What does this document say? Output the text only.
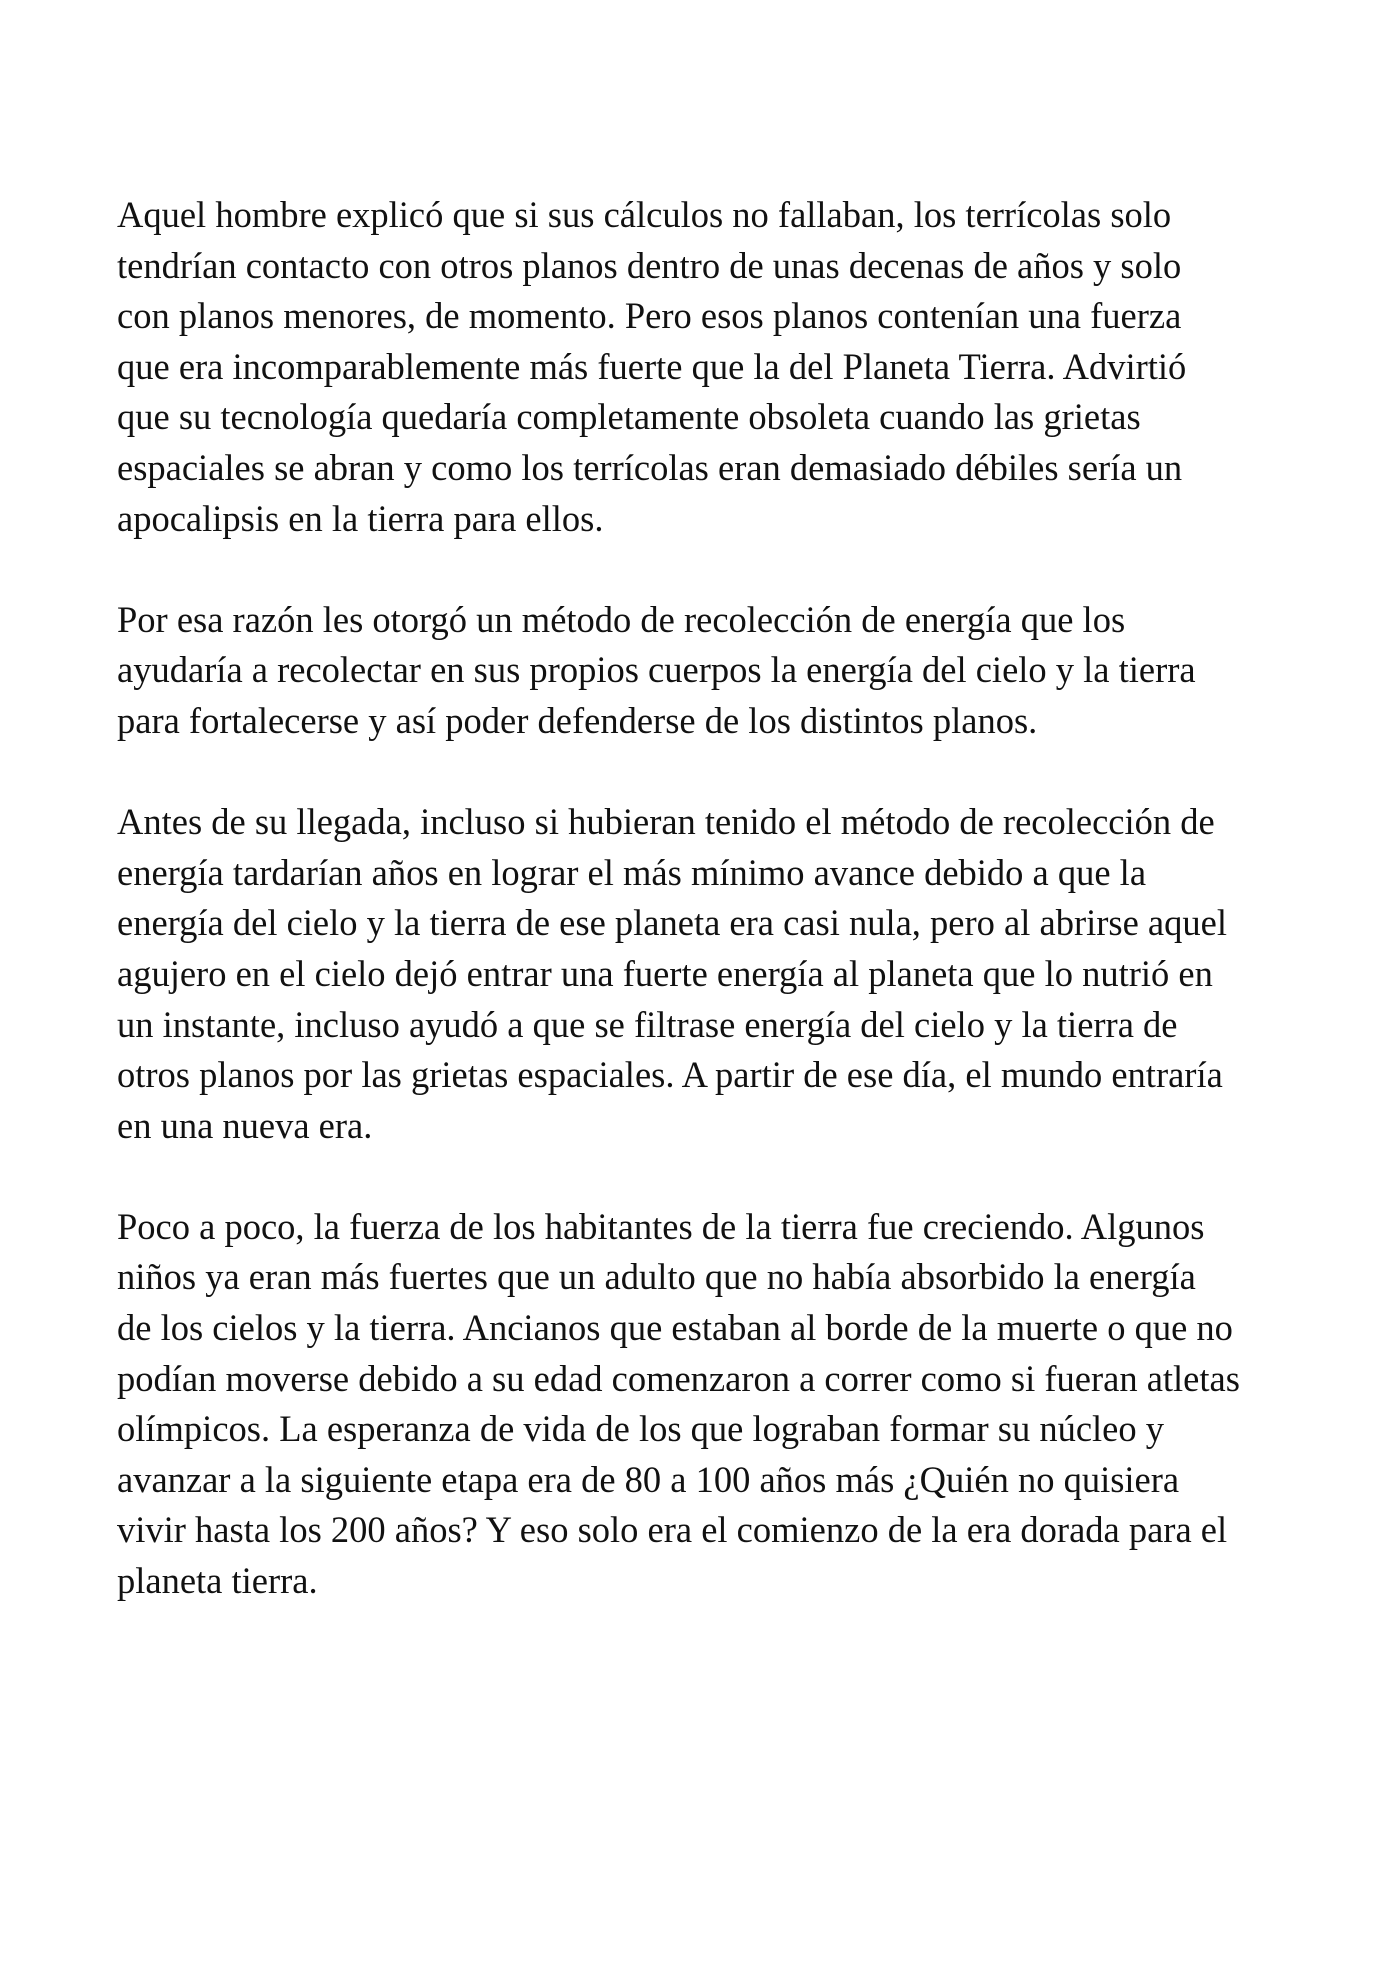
Aquel hombre explicó que si sus cálculos no fallaban, los terrícolas solo
tendrían contacto con otros planos dentro de unas decenas de años y solo
con planos menores, de momento. Pero esos planos contenían una fuerza
que era incomparablemente más fuerte que la del Planeta Tierra. Advirtió
que su tecnología quedaría completamente obsoleta cuando las grietas
espaciales se abran y como los terrícolas eran demasiado débiles sería un
apocalipsis en la tierra para ellos.

Por esa razón les otorgó un método de recolección de energía que los
ayudaría a recolectar en sus propios cuerpos la energía del cielo y la tierra
para fortalecerse y así poder defenderse de los distintos planos.

Antes de su llegada, incluso si hubieran tenido el método de recolección de
energía tardarían años en lograr el más mínimo avance debido a que la
energía del cielo y la tierra de ese planeta era casi nula, pero al abrirse aquel
agujero en el cielo dejó entrar una fuerte energía al planeta que lo nutrió en
un instante, incluso ayudó a que se filtrase energía del cielo y la tierra de
otros planos por las grietas espaciales. A partir de ese día, el mundo entraría
en una nueva era.

Poco a poco, la fuerza de los habitantes de la tierra fue creciendo. Algunos
niños ya eran más fuertes que un adulto que no había absorbido la energía
de los cielos y la tierra. Ancianos que estaban al borde de la muerte o que no
podían moverse debido a su edad comenzaron a correr como si fueran atletas
olímpicos. La esperanza de vida de los que lograban formar su núcleo y
avanzar a la siguiente etapa era de 80 a 100 años más ¿Quién no quisiera
vivir hasta los 200 años? Y eso solo era el comienzo de la era dorada para el
planeta tierra.
